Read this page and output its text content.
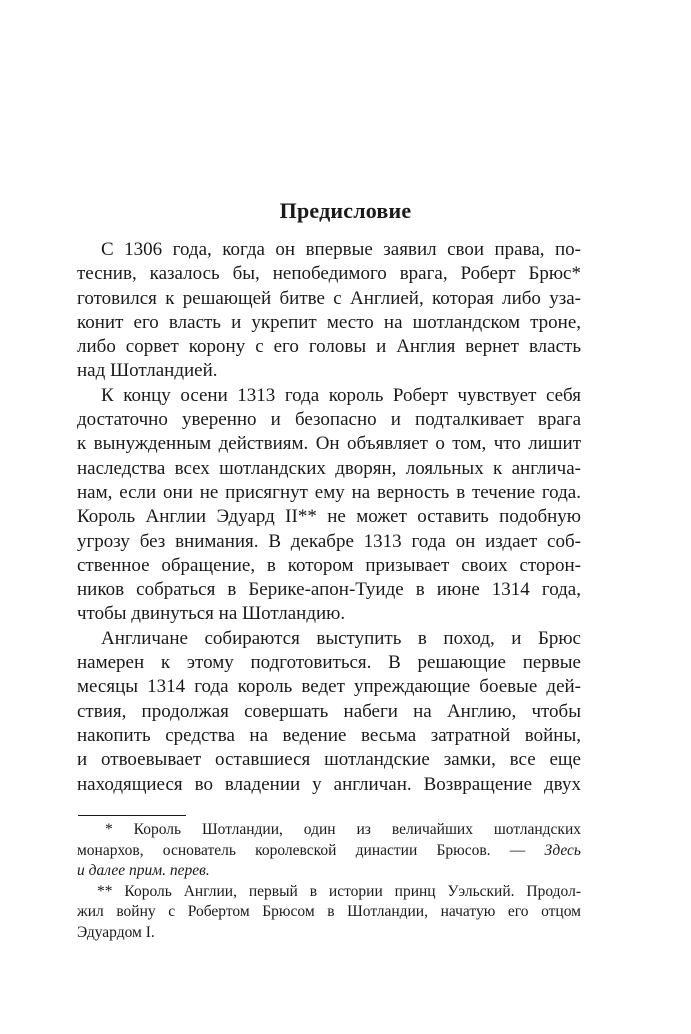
Предисловие
С 1306 года, когда он впервые заявил свои права, по-
теснив, казалось бы, непобедимого врага, Роберт Брюс*
готовился к решающей битве с Англией, которая либо уза-
конит его власть и укрепит место на шотландском троне,
либо сорвет корону с его головы и Англия вернет власть
над Шотландией.
К концу осени 1313 года король Роберт чувствует себя
достаточно уверенно и безопасно и подталкивает врага
к вынужденным действиям. Он объявляет о том, что лишит
наследства всех шотландских дворян, лояльных к англича-
нам, если они не присягнут ему на верность в течение года.
Король Англии Эдуард II** не может оставить подобную
угрозу без внимания. В декабре 1313 года он издает соб-
ственное обращение, в котором призывает своих сторон-
ников собраться в Берике-апон-Туиде в июне 1314 года,
чтобы двинуться на Шотландию.
Англичане собираются выступить в поход, и Брюс
намерен к этому подготовиться. В решающие первые
месяцы 1314 года король ведет упреждающие боевые дей-
ствия, продолжая совершать набеги на Англию, чтобы
накопить средства на ведение весьма затратной войны,
и отвоевывает оставшиеся шотландские замки, все еще
находящиеся во владении у англичан. Возвращение двух
* Король Шотландии, один из величайших шотландских
монархов, основатель королевской династии Брюсов. — Здесь
и далее прим. перев.
** Король Англии, первый в истории принц Уэльский. Продол-
жил войну с Робертом Брюсом в Шотландии, начатую его отцом
Эдуардом I.
